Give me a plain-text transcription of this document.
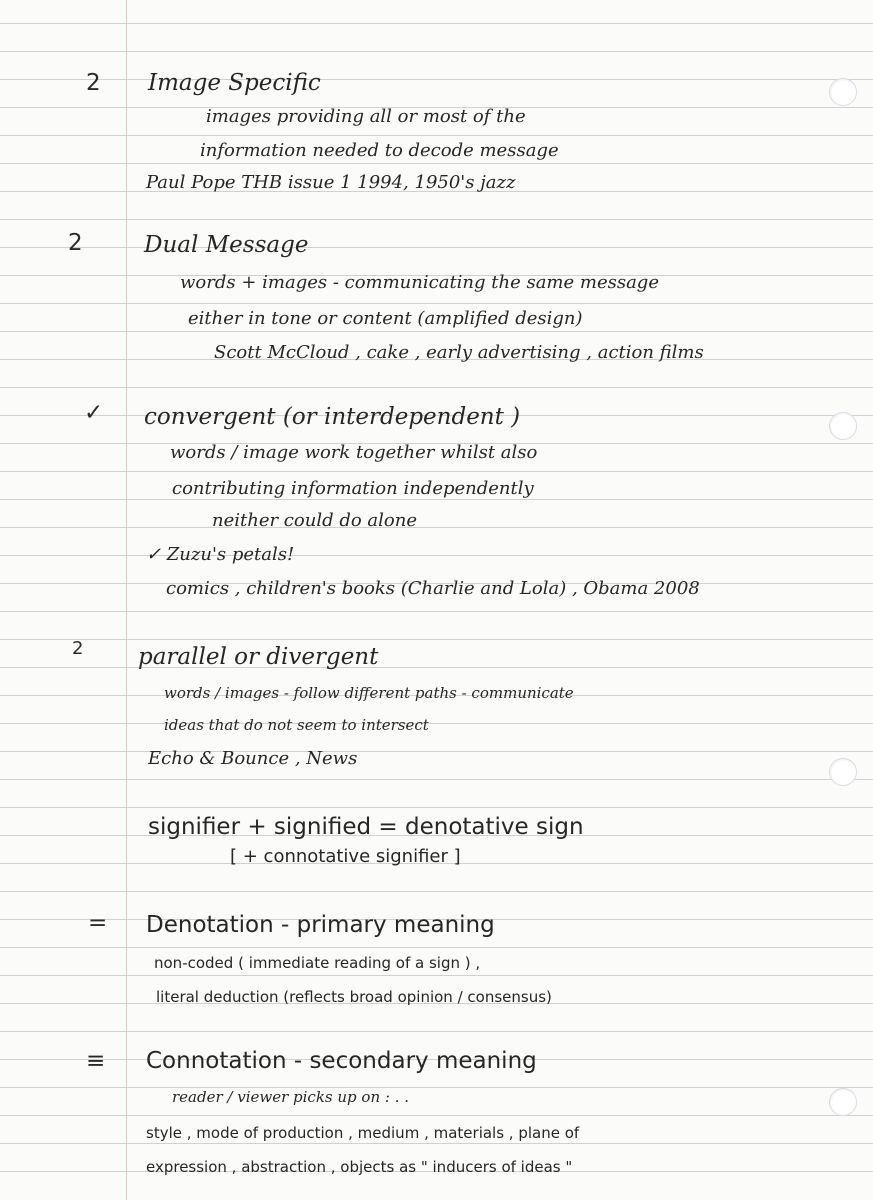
2 Image Specific
images providing all or most of the
information needed to decode message
Paul Pope THB issue 1 1994, 1950's jazz
2	Dual Message
words + images - communicating the same message
either in tone or content (amplified design)
Scott McCloud , cake , early advertising , action films
✓ convergent (or interdependent )
words / image work together whilst also
contributing information independently
neither could do alone
✓ Zuzu's petals!
comics , children's books (Charlie and Lola) , Obama 2008
2 parallel or divergent
words / images - follow different paths - communicate
ideas that do not seem to intersect
Echo & Bounce , News
signifier + signified = denotative sign
[ + connotative signifier ]
= Denotation - primary meaning
non-coded ( immediate reading of a sign ) ,
literal deduction (reflects broad opinion / consensus)
≡ Connotation - secondary meaning
reader / viewer picks up on : . .
style , mode of production , medium , materials , plane of
expression , abstraction , objects as " inducers of ideas "
